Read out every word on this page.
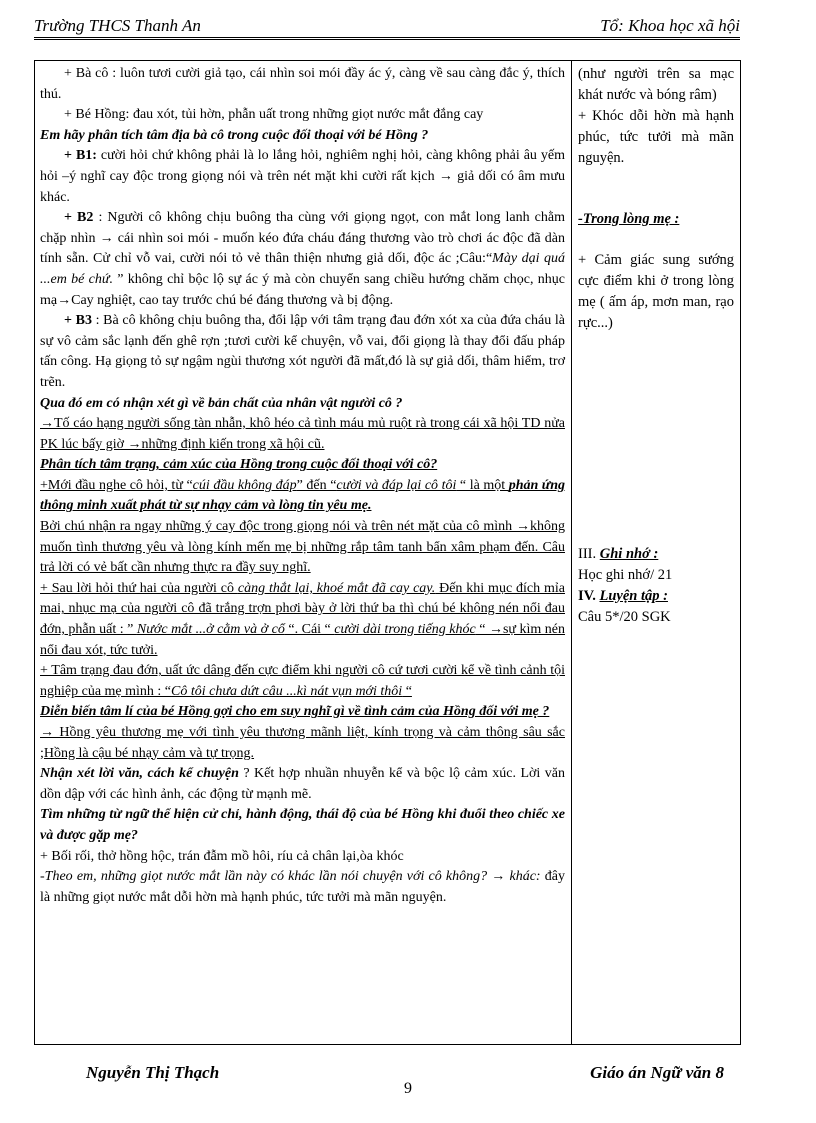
Trường THCS Thanh An	Tổ: Khoa học xã hội

+ Bà cô : luôn tươi cười giả tạo, cái nhìn soi mói đầy ác ý, càng về sau càng đắc ý, thích thú.

+ Bé Hồng: đau xót, tủi hờn, phẫn uất trong những giọt nước mắt đắng cay

Em hãy phân tích tâm địa bà cô trong cuộc đối thoại với bé Hồng ?

+ B1: cười hỏi chứ không phải là lo lắng hỏi, nghiêm nghị hỏi, càng không phải âu yếm hỏi –ý nghĩ cay độc trong giọng nói và trên nét mặt khi cười rất kịch → giả dối có âm mưu khác.

+ B2 : Người cô không chịu buông tha cùng với giọng ngọt, con mắt long lanh chằm chặp nhìn → cái nhìn soi mói - muốn kéo đứa cháu đáng thương vào trò chơi ác độc đã dàn tính sẵn. Cử chỉ vỗ vai, cười nói tỏ vẻ thân thiện nhưng giả dối, độc ác ;Câu:“Mày dại quá ...em bé chứ. ” không chỉ bộc lộ sự ác ý mà còn chuyển sang chiều hướng chăm chọc, nhục mạ→Cay nghiệt, cao tay trước chú bé đáng thương và bị động.

+ B3 : Bà cô không chịu buông tha, đổi lập với tâm trạng đau đớn xót xa của đứa cháu là sự vô cảm sắc lạnh đến ghê rợn ;tươi cười kể chuyện, vỗ vai, đổi giọng là thay đổi đấu pháp tấn công. Hạ giọng tỏ sự ngậm ngùi thương xót người đã mất,đó là sự giả dối, thâm hiểm, trơ trẽn.

Qua đó em có nhận xét gì về bản chất của nhân vật người cô ?

→Tố cáo hạng người sống tàn nhẫn, khô héo cả tình máu mủ ruột rà trong cái xã hội TD nửa PK lúc bấy giờ →những định kiến trong xã hội cũ.

Phân tích tâm trạng, cảm xúc của Hồng trong cuộc đối thoại với cô?

+Mới đầu nghe cô hỏi, từ “cúi đầu không đáp” đến “cười và đáp lại cô tôi “ là một phản ứng thông minh xuất phát từ sự nhạy cảm và lòng tin yêu mẹ.

Bởi chú nhận ra ngay những ý cay độc trong giọng nói và trên nét mặt của cô mình →không muốn tình thương yêu và lòng kính mến mẹ bị những rắp tâm tanh bẩn xâm phạm đến. Câu trả lời có vẻ bất cần nhưng thực ra đầy suy nghĩ.

+ Sau lời hỏi thứ hai của người cô càng thắt lại, khoé mắt đã cay cay. Đến khi mục đích mỉa mai, nhục mạ của người cô đã trắng trợn phơi bày ở lời thứ ba thì chú bé không nén nổi đau đớn, phẫn uất : ” Nước mắt ...ở cằm và ở cổ “. Cái “ cười dài trong tiếng khóc “ →sự kìm nén nổi đau xót, tức tưởi.

+ Tâm trạng đau đớn, uất ức dâng đến cực điểm khi người cô cứ tươi cười kể về tình cảnh tội nghiệp của mẹ mình : “Cô tôi chưa dứt câu ...kì nát vụn mới thôi “

Diễn biến tâm lí của bé Hồng gợi cho em suy nghĩ gì về tình cảm của Hồng đối với mẹ ?

→ Hồng yêu thương mẹ với tình yêu thương mãnh liệt, kính trọng và cảm thông sâu sắc ;Hồng là cậu bé nhạy cảm và tự trọng.

Nhận xét lời văn, cách kể chuyện ? Kết hợp nhuần nhuyễn kể và bộc lộ cảm xúc. Lời văn dồn dập với các hình ảnh, các động từ mạnh mẽ.

Tìm những từ ngữ thể hiện cử chỉ, hành động, thái độ của bé Hồng khi đuổi theo chiếc xe và được gặp mẹ?

+ Bối rối, thở hồng hộc, trán đẫm mồ hôi, ríu cả chân lại,òa khóc

-Theo em, những giọt nước mắt lần này có khác lần nói chuyện với cô không? → khác: đây là những giọt nước mắt dỗi hờn mà hạnh phúc, tức tưởi mà mãn nguyện.

(như người trên sa mạc khát nước và bóng râm)

+ Khóc dỗi hờn mà hạnh phúc, tức tưởi mà mãn nguyện.

-Trong lòng mẹ :

+ Cảm giác sung sướng cực điểm khi ở trong lòng mẹ ( ấm áp, mơn man, rạo rực...)

III. Ghi nhớ :

Học ghi nhớ/ 21

IV. Luyện tập :

Câu 5*/20 SGK

Nguyễn Thị Thạch	Giáo án Ngữ văn 8
9
